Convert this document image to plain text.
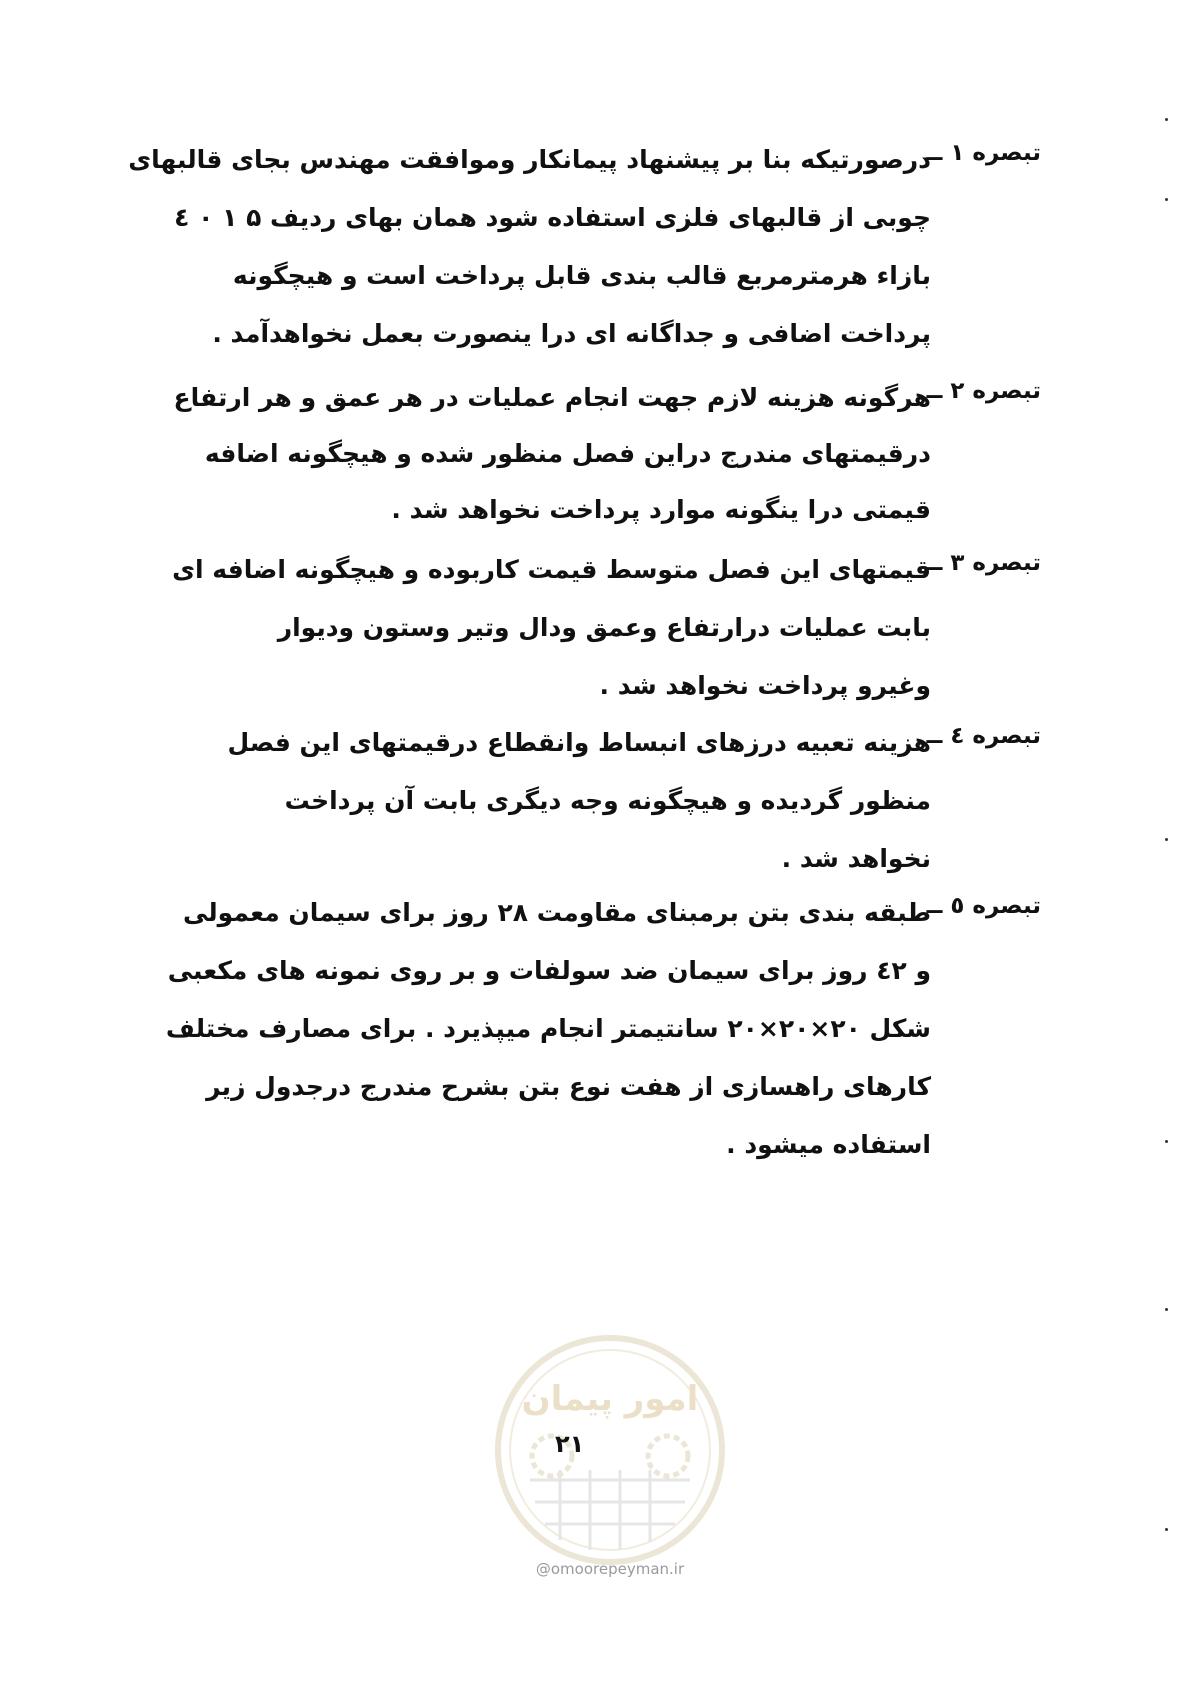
تبصره ۱ ــ
درصورتیکه بنا بر پیشنهاد پیمانکار وموافقت مهندس بجای قالبهای
چوبی از قالبهای فلزی استفاده شود همان بهای ردیف ۵ ۱ ۰ ٤
بازاء هرمترمربع قالب بندی قابل پرداخت است و هیچگونه
پرداخت اضافی و جداگانه ای درا ینصورت بعمل نخواهدآمد .
تبصره ۲ ــ
هرگونه هزینه لازم جهت انجام عملیات در هر عمق و هر ارتفاع
درقیمتهای مندرج دراین فصل منظور شده و هیچگونه اضافه
قیمتی درا ینگونه موارد پرداخت نخواهد شد .
تبصره ۳ ــ
قیمتهای این فصل متوسط قیمت کاربوده و هیچگونه اضافه ای
بابت عملیات درارتفاع وعمق ودال وتیر وستون ودیوار
وغیرو پرداخت نخواهد شد .
تبصره ٤ ــ
هزینه تعبیه درزهای انبساط وانقطاع درقیمتهای این فصل
منظور گردیده و هیچگونه وجه دیگری بابت آن پرداخت
نخواهد شد .
تبصره ٥ ــ
طبقه بندی بتن برمبنای مقاومت ۲۸ روز برای سیمان معمولی
و ٤۲ روز برای سیمان ضد سولفات و بر روی نمونه های مکعبی
شکل ۲۰×۲۰×۲۰ سانتیمتر انجام میپذیرد . برای مصارف مختلف
کارهای راهسازی از هفت نوع بتن بشرح مندرج درجدول زیر
استفاده میشود .
امور پیمان
۲۱
@omoorepeyman.ir
